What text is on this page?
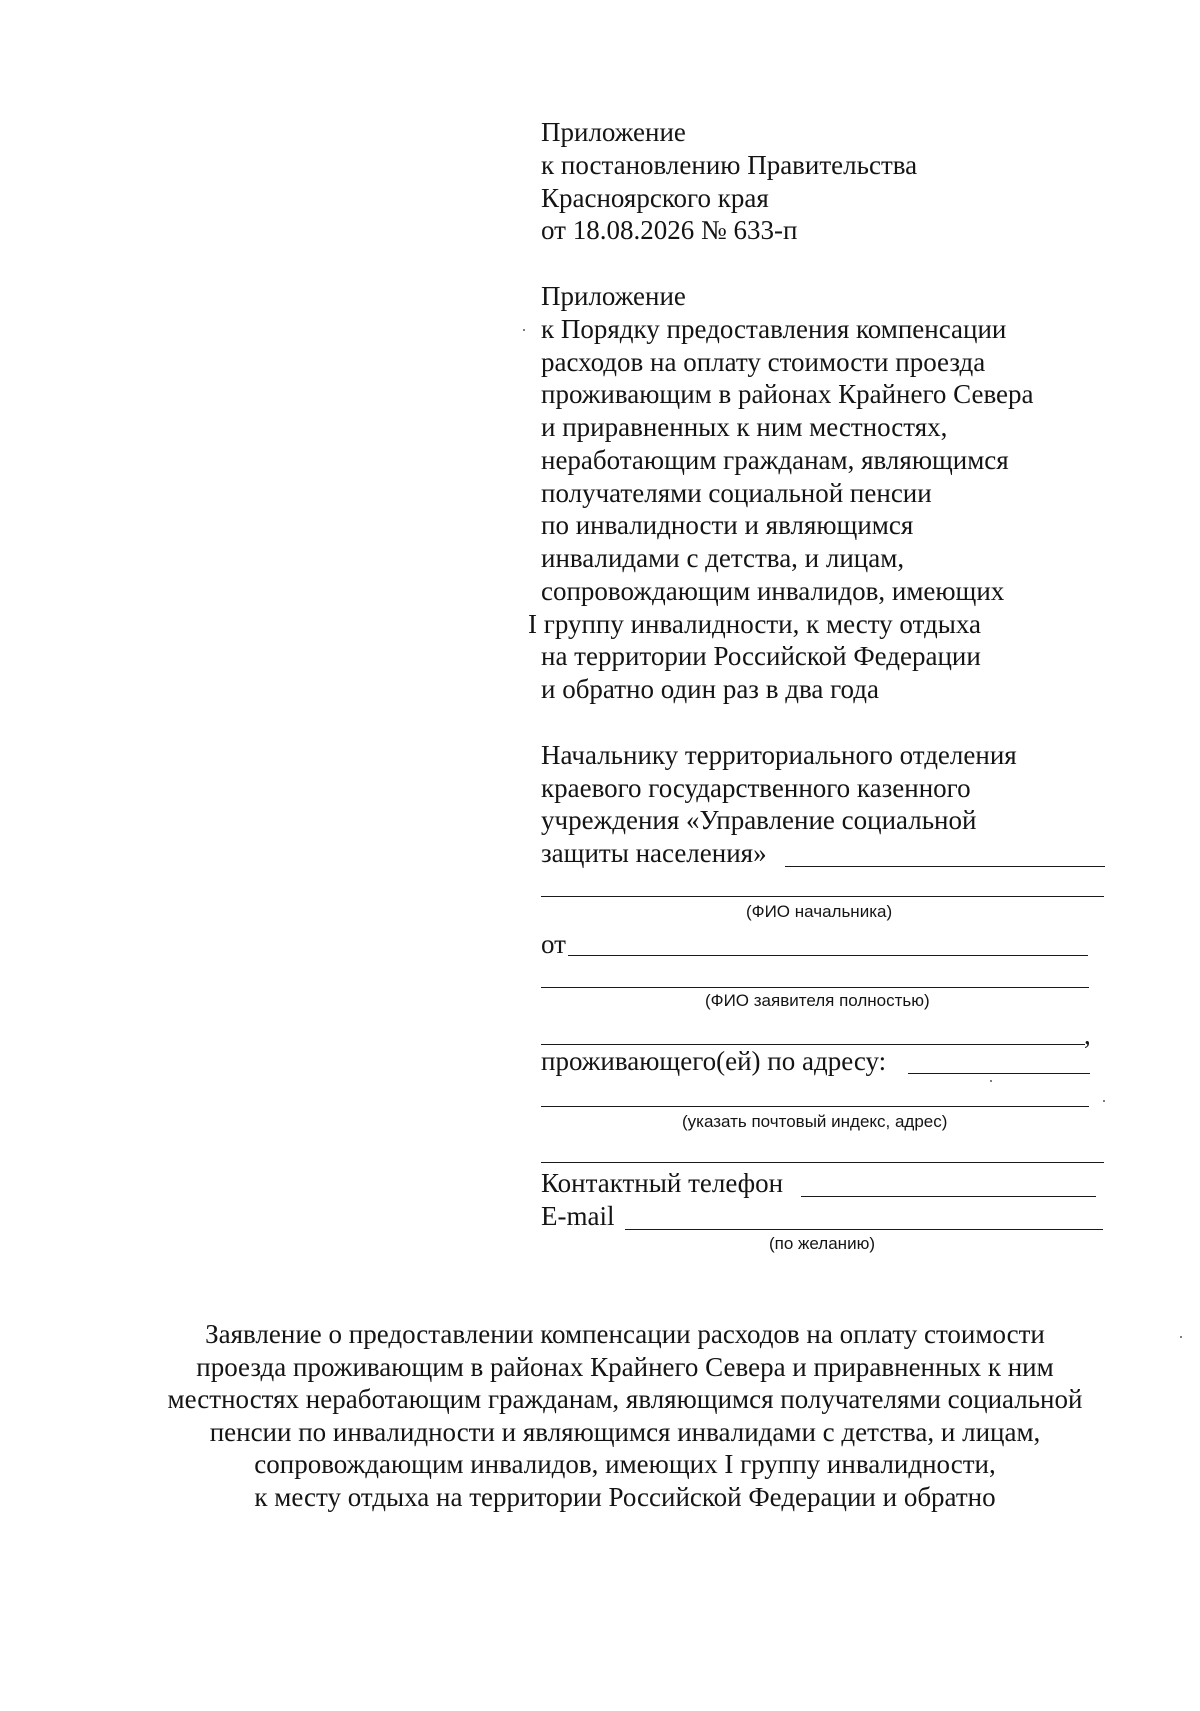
Приложение
к постановлению Правительства
Красноярского края
от 18.08.2026 № 633-п
Приложение
к Порядку предоставления компенсации
расходов на оплату стоимости проезда
проживающим в районах Крайнего Севера
и приравненных к ним местностях,
неработающим гражданам, являющимся
получателями социальной пенсии
по инвалидности и являющимся
инвалидами с детства, и лицам,
сопровождающим инвалидов, имеющих
I группу инвалидности, к месту отдыха
на территории Российской Федерации
и обратно один раз в два года
Начальнику территориального отделения
краевого государственного казенного
учреждения «Управление социальной
защиты населения»
(ФИО начальника)
от
(ФИО заявителя полностью)
,
проживающего(ей) по адресу:
(указать почтовый индекс, адрес)
Контактный телефон
E-mail
(по желанию)
Заявление о предоставлении компенсации расходов на оплату стоимости
проезда проживающим в районах Крайнего Севера и приравненных к ним
местностях неработающим гражданам, являющимся получателями социальной
пенсии по инвалидности и являющимся инвалидами с детства, и лицам,
сопровождающим инвалидов, имеющих I группу инвалидности,
к месту отдыха на территории Российской Федерации и обратно
